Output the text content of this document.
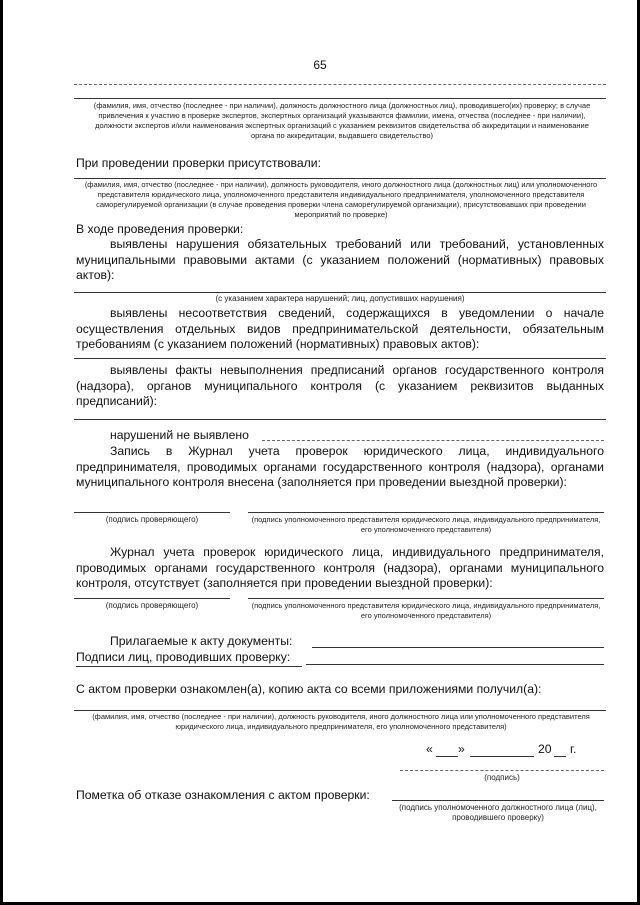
65
(фамилия, имя, отчество (последнее - при наличии), должность должностного лица (должностных лиц), проводившего(их) проверку; в случае привлечения к участию в проверке экспертов, экспертных организаций указываются фамилии, имена, отчества (последнее - при наличии), должности экспертов и/или наименования экспертных организаций с указанием реквизитов свидетельства об аккредитации и наименование органа по аккредитации, выдавшего свидетельство)
При проведении проверки присутствовали:
(фамилия, имя, отчество (последнее - при наличии), должность руководителя, иного должностного лица (должностных лиц) или уполномоченного представителя юридического лица, уполномоченного представителя индивидуального предпринимателя, уполномоченного представителя саморегулируемой организации (в случае проведения проверки члена саморегулируемой организации), присутствовавших при проведении мероприятий по проверке)
В ходе проведения проверки:
выявлены нарушения обязательных требований или требований, установленных муниципальными правовыми актами (с указанием положений (нормативных) правовых актов):
(с указанием характера нарушений; лиц, допустивших нарушения)
выявлены несоответствия сведений, содержащихся в уведомлении о начале осуществления отдельных видов предпринимательской деятельности, обязательным требованиям (с указанием положений (нормативных) правовых актов):
выявлены факты невыполнения предписаний органов государственного контроля (надзора), органов муниципального контроля (с указанием реквизитов выданных предписаний):
нарушений не выявлено
Запись в Журнал учета проверок юридического лица, индивидуального предпринимателя, проводимых органами государственного контроля (надзора), органами муниципального контроля внесена (заполняется при проведении выездной проверки):
(подпись проверяющего)	(подпись уполномоченного представителя юридического лица, индивидуального предпринимателя, его уполномоченного представителя)
Журнал учета проверок юридического лица, индивидуального предпринимателя, проводимых органами государственного контроля (надзора), органами муниципального контроля, отсутствует (заполняется при проведении выездной проверки):
(подпись проверяющего)	(подпись уполномоченного представителя юридического лица, индивидуального предпринимателя, его уполномоченного представителя)
Прилагаемые к акту документы:
Подписи лиц, проводивших проверку:
С актом проверки ознакомлен(а), копию акта со всеми приложениями получил(а):
(фамилия, имя, отчество (последнее - при наличии), должность руководителя, иного должностного лица или уполномоченного представителя юридического лица, индивидуального предпринимателя, его уполномоченного представителя)
« »	20 г.
(подпись)
Пометка об отказе ознакомления с актом проверки:
(подпись уполномоченного должностного лица (лиц), проводившего проверку)
